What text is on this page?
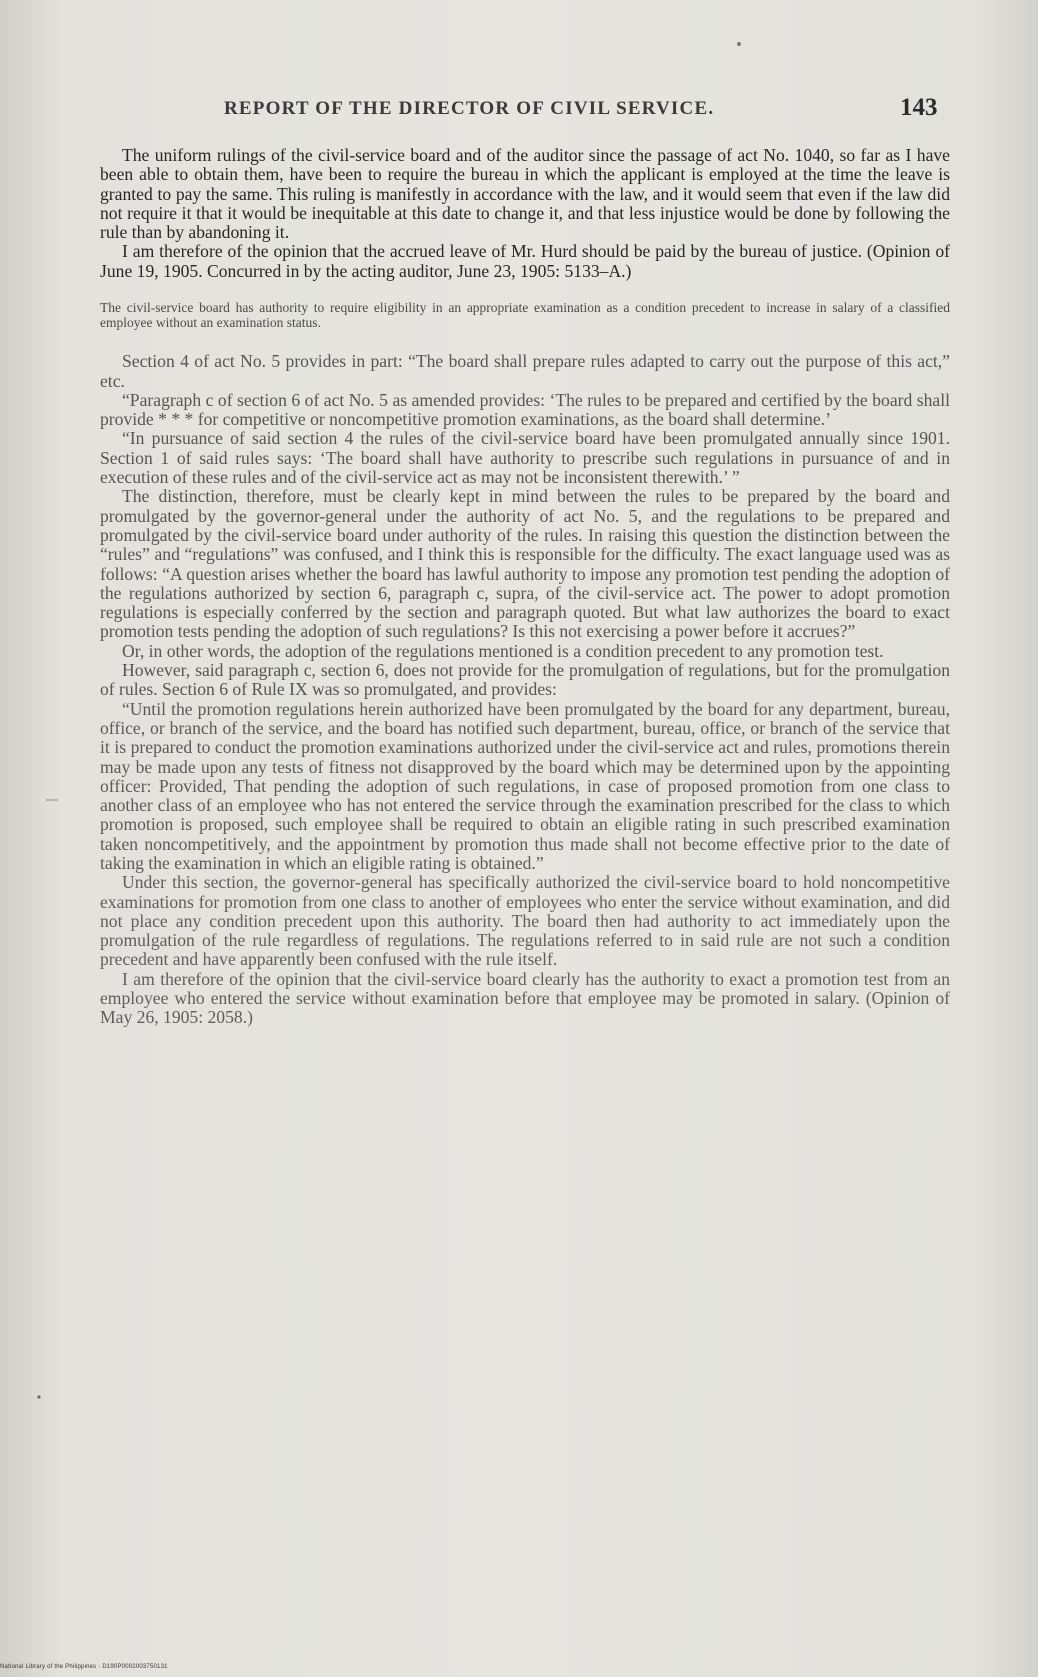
REPORT OF THE DIRECTOR OF CIVIL SERVICE.	143

The uniform rulings of the civil-service board and of the auditor since the passage of act No. 1040, so far as I have been able to obtain them, have been to require the bureau in which the applicant is employed at the time the leave is granted to pay the same. This ruling is manifestly in accordance with the law, and it would seem that even if the law did not require it that it would be inequitable at this date to change it, and that less injustice would be done by following the rule than by abandoning it.

I am therefore of the opinion that the accrued leave of Mr. Hurd should be paid by the bureau of justice. (Opinion of June 19, 1905. Concurred in by the acting auditor, June 23, 1905: 5133–A.)

The civil-service board has authority to require eligibility in an appropriate examination as a condition precedent to increase in salary of a classified employee without an examination status.

Section 4 of act No. 5 provides in part: “The board shall prepare rules adapted to carry out the purpose of this act,” etc.

“Paragraph c of section 6 of act No. 5 as amended provides: ‘The rules to be prepared and certified by the board shall provide * * * for competitive or noncompetitive promotion examinations, as the board shall determine.’

“In pursuance of said section 4 the rules of the civil-service board have been promulgated annually since 1901. Section 1 of said rules says: ‘The board shall have authority to prescribe such regulations in pursuance of and in execution of these rules and of the civil-service act as may not be inconsistent therewith.’ ”

The distinction, therefore, must be clearly kept in mind between the rules to be prepared by the board and promulgated by the governor-general under the authority of act No. 5, and the regulations to be prepared and promulgated by the civil-service board under authority of the rules. In raising this question the distinction between the “rules” and “regulations” was confused, and I think this is responsible for the difficulty. The exact language used was as follows: “A question arises whether the board has lawful authority to impose any promotion test pending the adoption of the regulations authorized by section 6, paragraph c, supra, of the civil-service act. The power to adopt promotion regulations is especially conferred by the section and paragraph quoted. But what law authorizes the board to exact promotion tests pending the adoption of such regulations? Is this not exercising a power before it accrues?”

Or, in other words, the adoption of the regulations mentioned is a condition precedent to any promotion test.

However, said paragraph c, section 6, does not provide for the promulgation of regulations, but for the promulgation of rules. Section 6 of Rule IX was so promulgated, and provides:

“Until the promotion regulations herein authorized have been promulgated by the board for any department, bureau, office, or branch of the service, and the board has notified such department, bureau, office, or branch of the service that it is prepared to conduct the promotion examinations authorized under the civil-service act and rules, promotions therein may be made upon any tests of fitness not disapproved by the board which may be determined upon by the appointing officer: Provided, That pending the adoption of such regulations, in case of proposed promotion from one class to another class of an employee who has not entered the service through the examination prescribed for the class to which promotion is proposed, such employee shall be required to obtain an eligible rating in such prescribed examination taken noncompetitively, and the appointment by promotion thus made shall not become effective prior to the date of taking the examination in which an eligible rating is obtained.”

Under this section, the governor-general has specifically authorized the civil-service board to hold noncompetitive examinations for promotion from one class to another of employees who enter the service without examination, and did not place any condition precedent upon this authority. The board then had authority to act immediately upon the promulgation of the rule regardless of regulations. The regulations referred to in said rule are not such a condition precedent and have apparently been confused with the rule itself.

I am therefore of the opinion that the civil-service board clearly has the authority to exact a promotion test from an employee who entered the service without examination before that employee may be promoted in salary. (Opinion of May 26, 1905: 2058.)

National Library of the Philippines · D190P0002003750131
